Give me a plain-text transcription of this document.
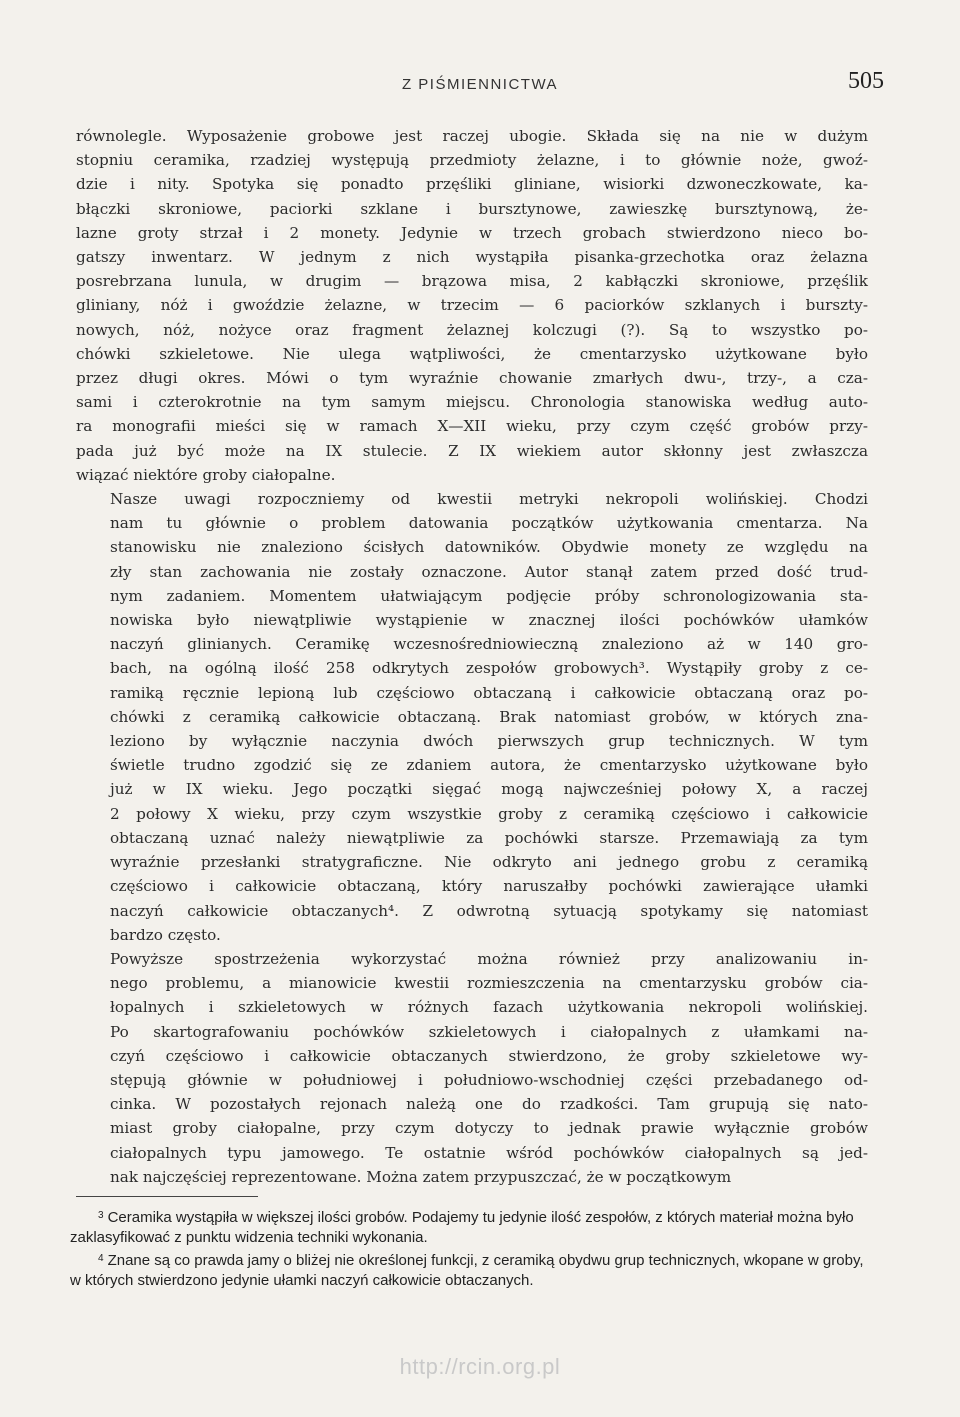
Z PIŚMIENNICTWA	505

równolegle. Wyposażenie grobowe jest raczej ubogie. Składa się na nie w dużym
stopniu ceramika, rzadziej występują przedmioty żelazne, i to głównie noże, gwoź-
dzie i nity. Spotyka się ponadto przęśliki gliniane, wisiorki dzwoneczkowate, ka-
błączki skroniowe, paciorki szklane i bursztynowe, zawieszkę bursztynową, że-
lazne groty strzał i 2 monety. Jedynie w trzech grobach stwierdzono nieco bo-
gatszy inwentarz. W jednym z nich wystąpiła pisanka-grzechotka oraz żelazna
posrebrzana lunula, w drugim — brązowa misa, 2 kabłączki skroniowe, przęślik
gliniany, nóż i gwoździe żelazne, w trzecim — 6 paciorków szklanych i burszty-
nowych, nóż, nożyce oraz fragment żelaznej kolczugi (?). Są to wszystko po-
chówki szkieletowe. Nie ulega wątpliwości, że cmentarzysko użytkowane było
przez długi okres. Mówi o tym wyraźnie chowanie zmarłych dwu-, trzy-, a cza-
sami i czterokrotnie na tym samym miejscu. Chronologia stanowiska według auto-
ra monografii mieści się w ramach X—XII wieku, przy czym część grobów przy-
pada już być może na IX stulecie. Z IX wiekiem autor skłonny jest zwłaszcza
wiązać niektóre groby ciałopalne.

Nasze uwagi rozpoczniemy od kwestii metryki nekropoli wolińskiej. Chodzi
nam tu głównie o problem datowania początków użytkowania cmentarza. Na
stanowisku nie znaleziono ścisłych datowników. Obydwie monety ze względu na
zły stan zachowania nie zostały oznaczone. Autor stanął zatem przed dość trud-
nym zadaniem. Momentem ułatwiającym podjęcie próby schronologizowania sta-
nowiska było niewątpliwie wystąpienie w znacznej ilości pochówków ułamków
naczyń glinianych. Ceramikę wczesnośredniowieczną znaleziono aż w 140 gro-
bach, na ogólną ilość 258 odkrytych zespołów grobowych³. Wystąpiły groby z ce-
ramiką ręcznie lepioną lub częściowo obtaczaną i całkowicie obtaczaną oraz po-
chówki z ceramiką całkowicie obtaczaną. Brak natomiast grobów, w których zna-
leziono by wyłącznie naczynia dwóch pierwszych grup technicznych. W tym
świetle trudno zgodzić się ze zdaniem autora, że cmentarzysko użytkowane było
już w IX wieku. Jego początki sięgać mogą najwcześniej połowy X, a raczej
2 połowy X wieku, przy czym wszystkie groby z ceramiką częściowo i całkowicie
obtaczaną uznać należy niewątpliwie za pochówki starsze. Przemawiają za tym
wyraźnie przesłanki stratygraficzne. Nie odkryto ani jednego grobu z ceramiką
częściowo i całkowicie obtaczaną, który naruszałby pochówki zawierające ułamki
naczyń całkowicie obtaczanych⁴. Z odwrotną sytuacją spotykamy się natomiast
bardzo często.

Powyższe spostrzeżenia wykorzystać można również przy analizowaniu in-
nego problemu, a mianowicie kwestii rozmieszczenia na cmentarzysku grobów cia-
łopalnych i szkieletowych w różnych fazach użytkowania nekropoli wolińskiej.
Po skartografowaniu pochówków szkieletowych i ciałopalnych z ułamkami na-
czyń częściowo i całkowicie obtaczanych stwierdzono, że groby szkieletowe wy-
stępują głównie w południowej i południowo-wschodniej części przebadanego od-
cinka. W pozostałych rejonach należą one do rzadkości. Tam grupują się nato-
miast groby ciałopalne, przy czym dotyczy to jednak prawie wyłącznie grobów
ciałopalnych typu jamowego. Te ostatnie wśród pochówków ciałopalnych są jed-
nak najczęściej reprezentowane. Można zatem przypuszczać, że w początkowym

$^3$ Ceramika wystąpiła w większej ilości grobów. Podajemy tu jedynie ilość zespołów, z których materiał można było zaklasyfikować z punktu widzenia techniki wykonania.

$^4$ Znane są co prawda jamy o bliżej nie określonej funkcji, z ceramiką obydwu grup technicznych, wkopane w groby, w których stwierdzono jedynie ułamki naczyń całkowicie obtaczanych.

http://rcin.org.pl
